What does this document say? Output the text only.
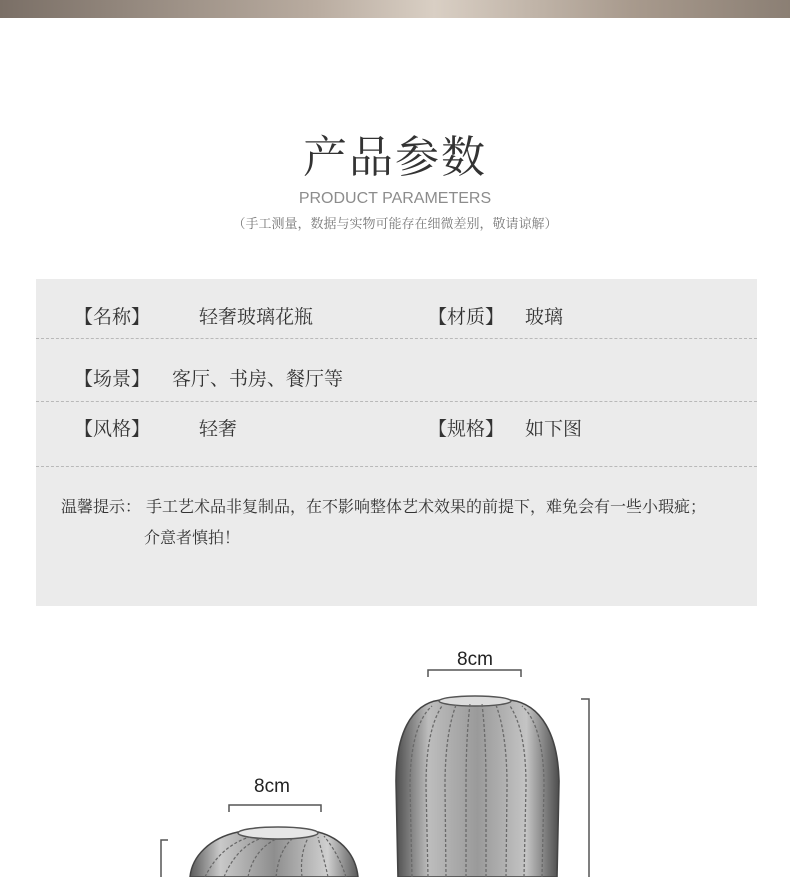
产品参数
PRODUCT PARAMETERS
（手工测量，数据与实物可能存在细微差别，敬请谅解）
【名称】	轻奢玻璃花瓶	【材质】 玻璃
【场景】 客厅、书房、餐厅等
【风格】	轻奢	【规格】 如下图
温馨提示： 手工艺术品非复制品，在不影响整体艺术效果的前提下，难免会有一些小瑕疵；
介意者慎拍！
8cm
8cm
